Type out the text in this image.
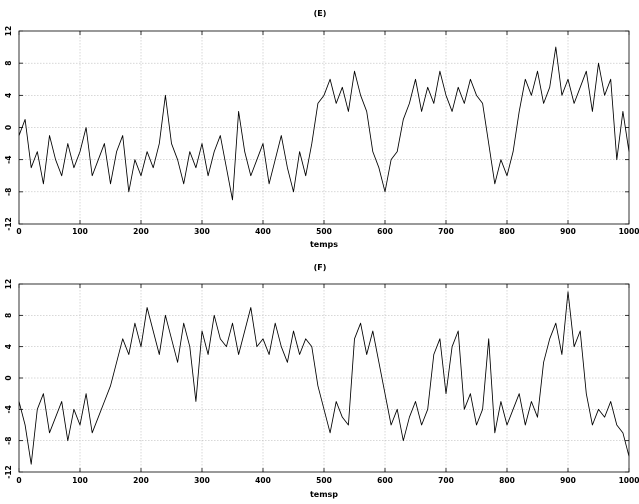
(E)
0	100	200	300	400	500	600	700	800	900	1000
-12
-8
-4
0
4
8
12
temps
(F)
0	100	200	300	400	500	600	700	800	900	1000
-12
-8
-4
0
4
8
12
temsp
